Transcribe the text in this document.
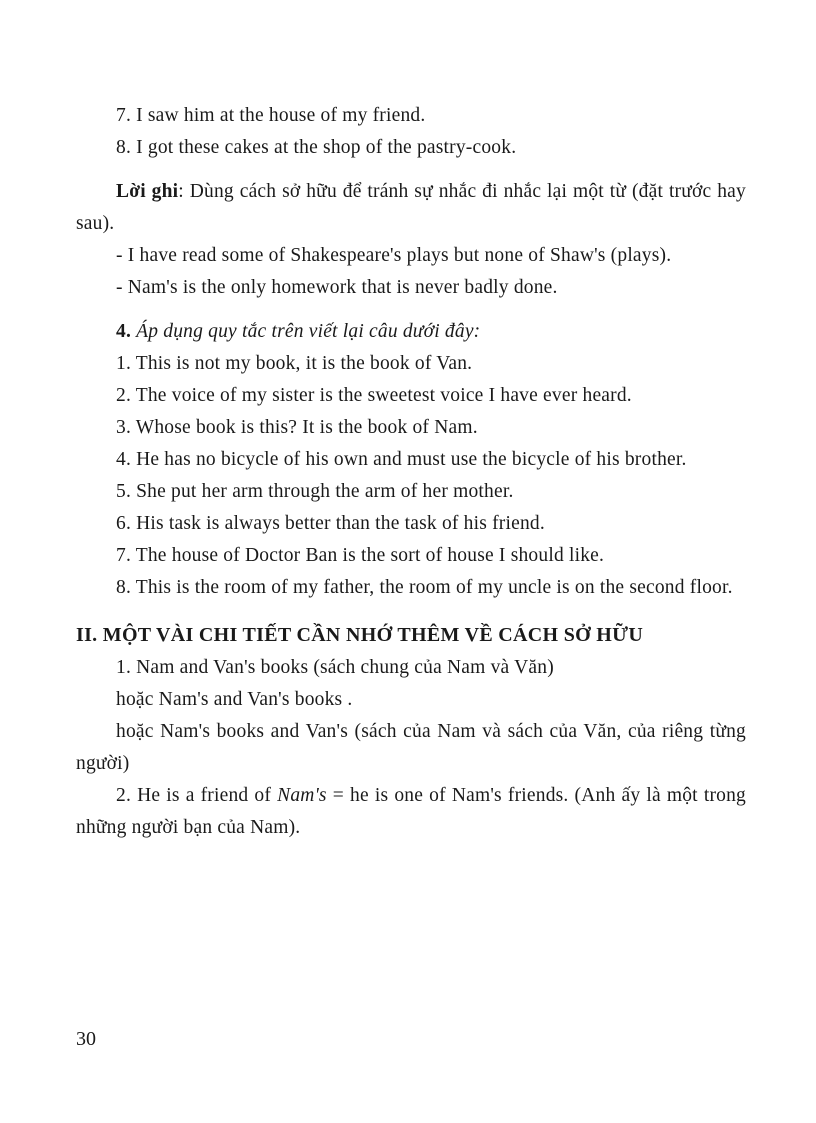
7. I saw him at the house of my friend.

8. I got these cakes at the shop of the pastry-cook.

Lời ghi: Dùng cách sở hữu để tránh sự nhắc đi nhắc lại một từ (đặt trước hay sau).

- I have read some of Shakespeare's plays but none of Shaw's (plays).

- Nam's is the only homework that is never badly done.

4. Áp dụng quy tắc trên viết lại câu dưới đây:

1. This is not my book, it is the book of Van.

2. The voice of my sister is the sweetest voice I have ever heard.

3. Whose book is this? It is the book of Nam.

4. He has no bicycle of his own and must use the bicycle of his brother.

5. She put her arm through the arm of her mother.

6. His task is always better than the task of his friend.

7. The house of Doctor Ban is the sort of house I should like.

8. This is the room of my father, the room of my uncle is on the second floor.

II. MỘT VÀI CHI TIẾT CẦN NHỚ THÊM VỀ CÁCH SỞ HỮU

1. Nam and Van's books (sách chung của Nam và Văn)

hoặc Nam's and Van's books .

hoặc Nam's books and Van's (sách của Nam và sách của Văn, của riêng từng người)

2. He is a friend of Nam's = he is one of Nam's friends. (Anh ấy là một trong những người bạn của Nam).

30
